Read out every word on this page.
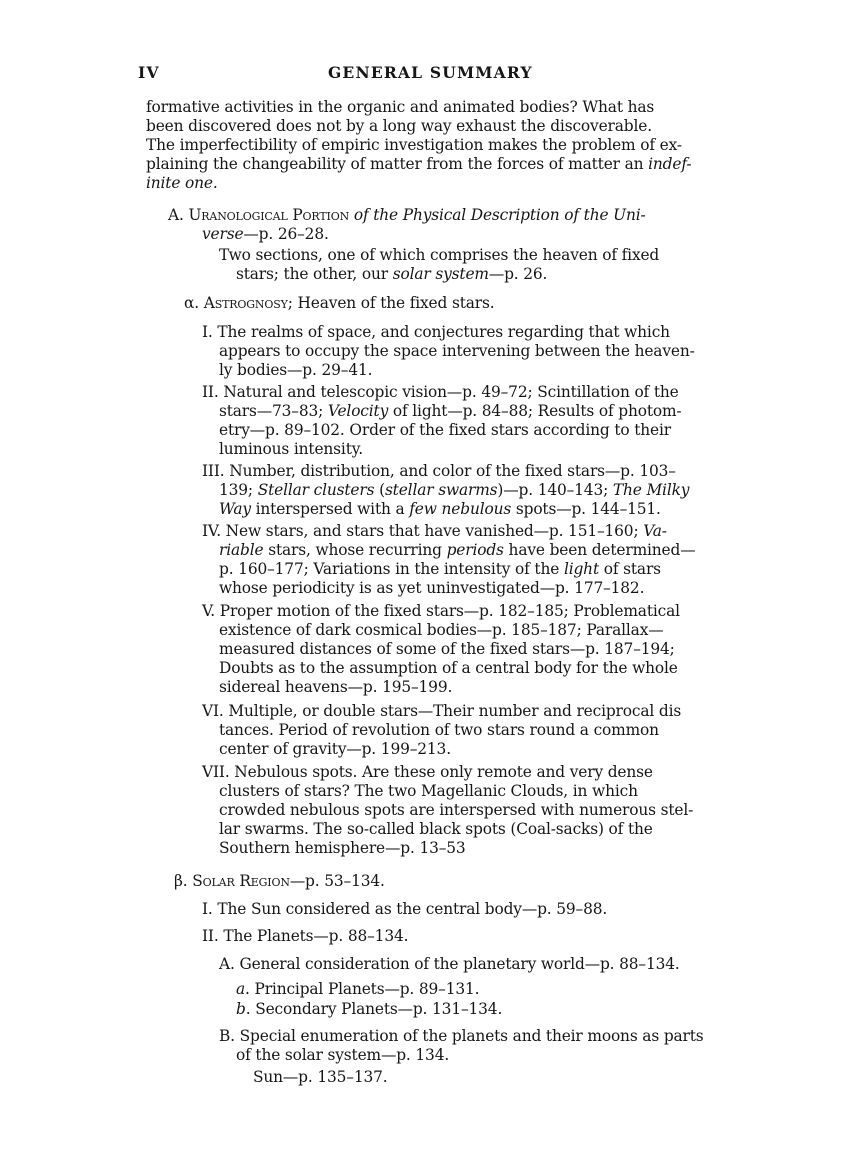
IV	GENERAL SUMMARY
formative activities in the organic and animated bodies? What has
been discovered does not by a long way exhaust the discoverable.
The imperfectibility of empiric investigation makes the problem of ex-
plaining the changeability of matter from the forces of matter an indef-
inite one.
A. Uranological Portion of the Physical Description of the Uni-
verse—p. 26–28.
Two sections, one of which comprises the heaven of fixed
stars; the other, our solar system—p. 26.
α. Astrognosy; Heaven of the fixed stars.
I. The realms of space, and conjectures regarding that which
appears to occupy the space intervening between the heaven-
ly bodies—p. 29–41.
II. Natural and telescopic vision—p. 49–72; Scintillation of the
stars—73–83; Velocity of light—p. 84–88; Results of photom-
etry—p. 89–102. Order of the fixed stars according to their
luminous intensity.
III. Number, distribution, and color of the fixed stars—p. 103–
139; Stellar clusters (stellar swarms)—p. 140–143; The Milky
Way interspersed with a few nebulous spots—p. 144–151.
IV. New stars, and stars that have vanished—p. 151–160; Va-
riable stars, whose recurring periods have been determined—
p. 160–177; Variations in the intensity of the light of stars
whose periodicity is as yet uninvestigated—p. 177–182.
V. Proper motion of the fixed stars—p. 182–185; Problematical
existence of dark cosmical bodies—p. 185–187; Parallax—
measured distances of some of the fixed stars—p. 187–194;
Doubts as to the assumption of a central body for the whole
sidereal heavens—p. 195–199.
VI. Multiple, or double stars—Their number and reciprocal dis
tances. Period of revolution of two stars round a common
center of gravity—p. 199–213.
VII. Nebulous spots. Are these only remote and very dense
clusters of stars? The two Magellanic Clouds, in which
crowded nebulous spots are interspersed with numerous stel-
lar swarms. The so-called black spots (Coal-sacks) of the
Southern hemisphere—p. 13–53
β. Solar Region—p. 53–134.
I. The Sun considered as the central body—p. 59–88.
II. The Planets—p. 88–134.
A. General consideration of the planetary world—p. 88–134.
a. Principal Planets—p. 89–131.
b. Secondary Planets—p. 131–134.
B. Special enumeration of the planets and their moons as parts
of the solar system—p. 134.
Sun—p. 135–137.
